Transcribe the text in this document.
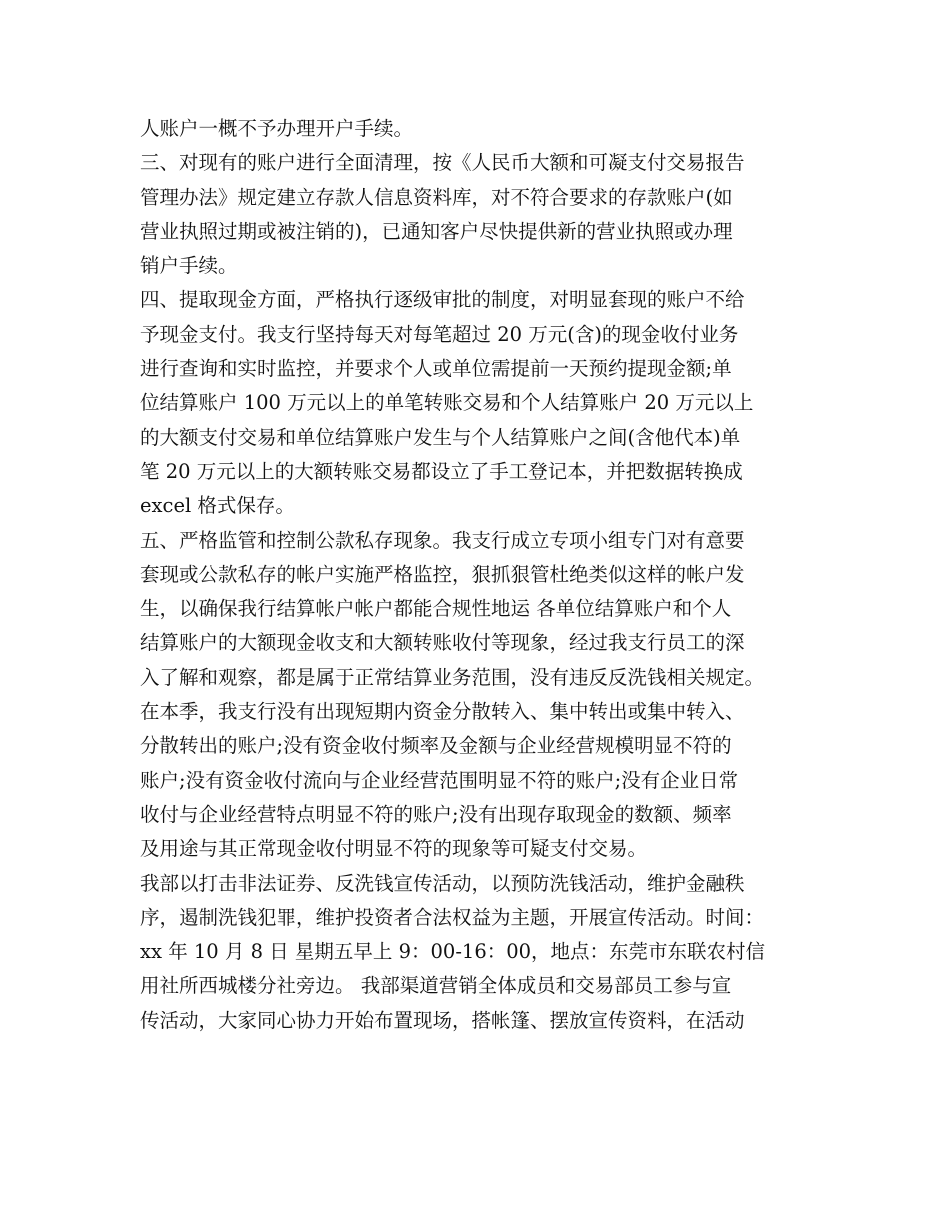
人账户一概不予办理开户手续。
三、对现有的账户进行全面清理，按《人民币大额和可凝支付交易报告
管理办法》规定建立存款人信息资料库，对不符合要求的存款账户(如
营业执照过期或被注销的)，已通知客户尽快提供新的营业执照或办理
销户手续。
四、提取现金方面，严格执行逐级审批的制度，对明显套现的账户不给
予现金支付。我支行坚持每天对每笔超过 20 万元(含)的现金收付业务
进行查询和实时监控，并要求个人或单位需提前一天预约提现金额;单
位结算账户 100 万元以上的单笔转账交易和个人结算账户 20 万元以上
的大额支付交易和单位结算账户发生与个人结算账户之间(含他代本)单
笔 20 万元以上的大额转账交易都设立了手工登记本，并把数据转换成
excel 格式保存。
五、严格监管和控制公款私存现象。我支行成立专项小组专门对有意要
套现或公款私存的帐户实施严格监控，狠抓狠管杜绝类似这样的帐户发
生，以确保我行结算帐户帐户都能合规性地运 各单位结算账户和个人
结算账户的大额现金收支和大额转账收付等现象，经过我支行员工的深
入了解和观察，都是属于正常结算业务范围，没有违反反洗钱相关规定。
在本季，我支行没有出现短期内资金分散转入、集中转出或集中转入、
分散转出的账户;没有资金收付频率及金额与企业经营规模明显不符的
账户;没有资金收付流向与企业经营范围明显不符的账户;没有企业日常
收付与企业经营特点明显不符的账户;没有出现存取现金的数额、频率
及用途与其正常现金收付明显不符的现象等可疑支付交易。
我部以打击非法证券、反洗钱宣传活动，以预防洗钱活动，维护金融秩
序，遏制洗钱犯罪，维护投资者合法权益为主题，开展宣传活动。时间：
xx 年 10 月 8 日 星期五早上 9：00-16：00，地点：东莞市东联农村信
用社所西城楼分社旁边。 我部渠道营销全体成员和交易部员工参与宣
传活动，大家同心协力开始布置现场，搭帐篷、摆放宣传资料，在活动
